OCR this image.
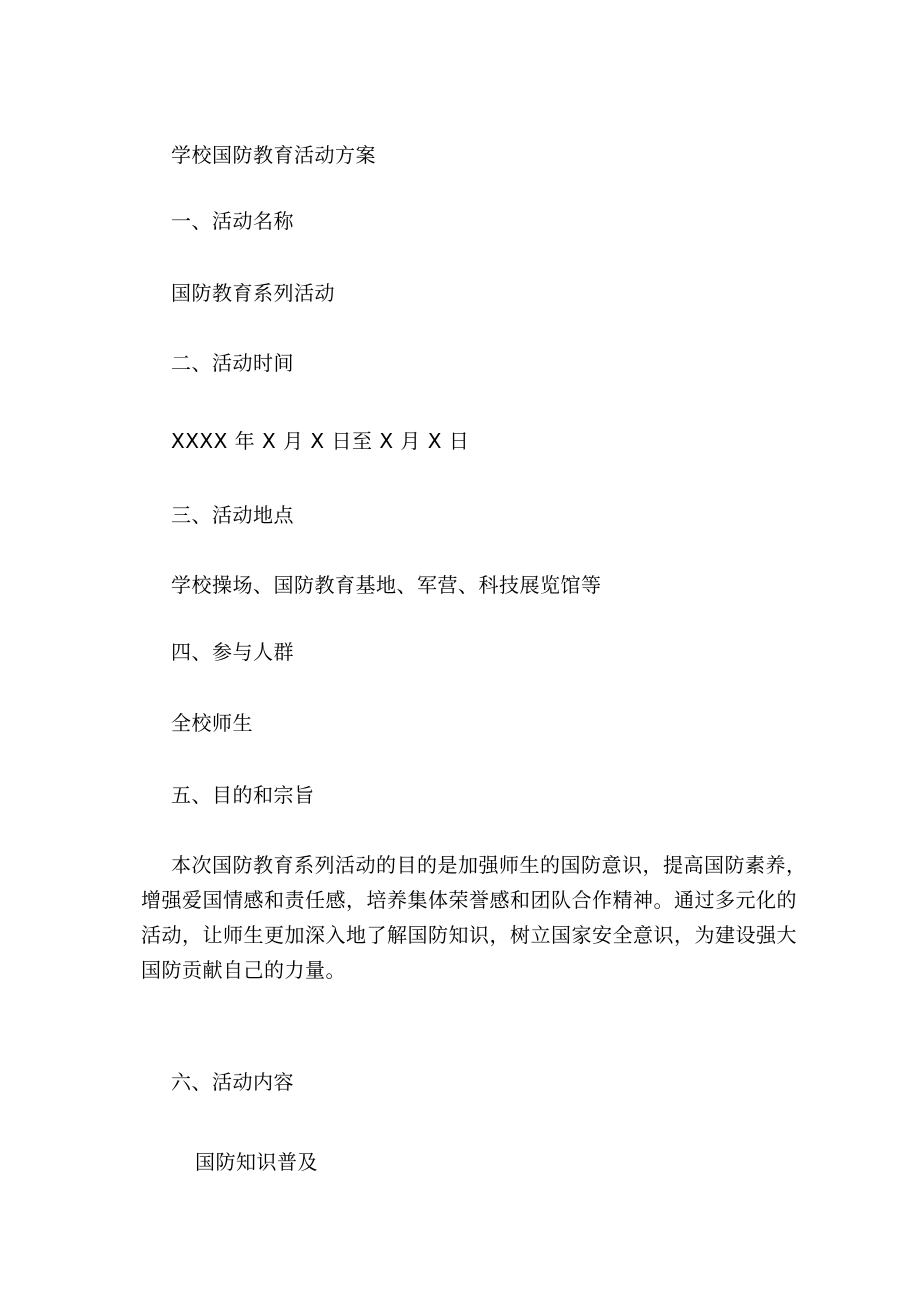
学校国防教育活动方案
一、活动名称
国防教育系列活动
二、活动时间
XXXX 年 X 月 X 日至 X 月 X 日
三、活动地点
学校操场、国防教育基地、军营、科技展览馆等
四、参与人群
全校师生
五、目的和宗旨
本次国防教育系列活动的目的是加强师生的国防意识，提高国防素养，
增强爱国情感和责任感，培养集体荣誉感和团队合作精神。通过多元化的
活动，让师生更加深入地了解国防知识，树立国家安全意识，为建设强大
国防贡献自己的力量。
六、活动内容
国防知识普及
